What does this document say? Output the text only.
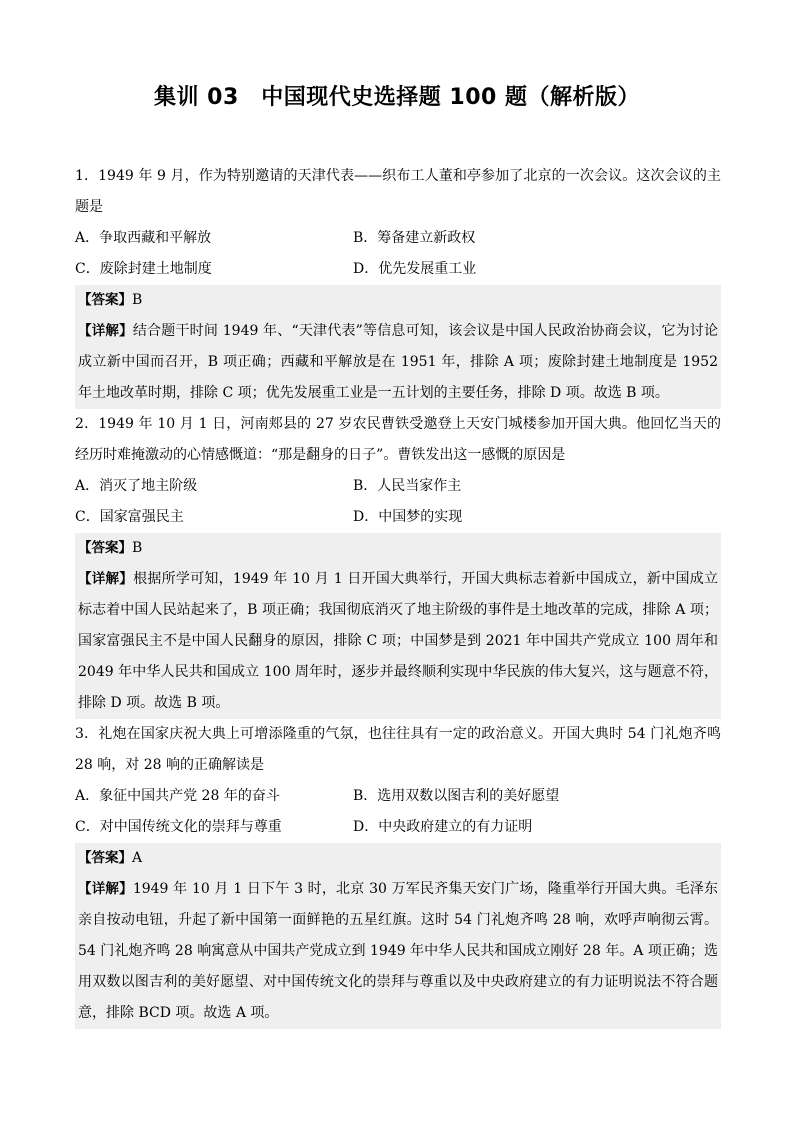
集训 03　中国现代史选择题 100 题（解析版）

1．1949 年 9 月，作为特别邀请的天津代表——织布工人董和亭参加了北京的一次会议。这次会议的主题是

A．争取西藏和平解放	B．筹备建立新政权
C．废除封建土地制度	D．优先发展重工业

【答案】B

【详解】结合题干时间 1949 年、“天津代表”等信息可知，该会议是中国人民政治协商会议，它为讨论成立新中国而召开，B 项正确；西藏和平解放是在 1951 年，排除 A 项；废除封建土地制度是 1952 年土地改革时期，排除 C 项；优先发展重工业是一五计划的主要任务，排除 D 项。故选 B 项。

2．1949 年 10 月 1 日，河南郏县的 27 岁农民曹铁受邀登上天安门城楼参加开国大典。他回忆当天的经历时难掩激动的心情感慨道：“那是翻身的日子”。曹铁发出这一感慨的原因是

A．消灭了地主阶级	B．人民当家作主
C．国家富强民主	D．中国梦的实现

【答案】B

【详解】根据所学可知，1949 年 10 月 1 日开国大典举行，开国大典标志着新中国成立，新中国成立标志着中国人民站起来了，B 项正确；我国彻底消灭了地主阶级的事件是土地改革的完成，排除 A 项；国家富强民主不是中国人民翻身的原因，排除 C 项；中国梦是到 2021 年中国共产党成立 100 周年和 2049 年中华人民共和国成立 100 周年时，逐步并最终顺利实现中华民族的伟大复兴，这与题意不符，排除 D 项。故选 B 项。

3．礼炮在国家庆祝大典上可增添隆重的气氛，也往往具有一定的政治意义。开国大典时 54 门礼炮齐鸣 28 响，对 28 响的正确解读是

A．象征中国共产党 28 年的奋斗	B．选用双数以图吉利的美好愿望
C．对中国传统文化的崇拜与尊重	D．中央政府建立的有力证明

【答案】A

【详解】1949 年 10 月 1 日下午 3 时，北京 30 万军民齐集天安门广场，隆重举行开国大典。毛泽东亲自按动电钮，升起了新中国第一面鲜艳的五星红旗。这时 54 门礼炮齐鸣 28 响，欢呼声响彻云霄。54 门礼炮齐鸣 28 响寓意从中国共产党成立到 1949 年中华人民共和国成立刚好 28 年。A 项正确；选用双数以图吉利的美好愿望、对中国传统文化的崇拜与尊重以及中央政府建立的有力证明说法不符合题意，排除 BCD 项。故选 A 项。
